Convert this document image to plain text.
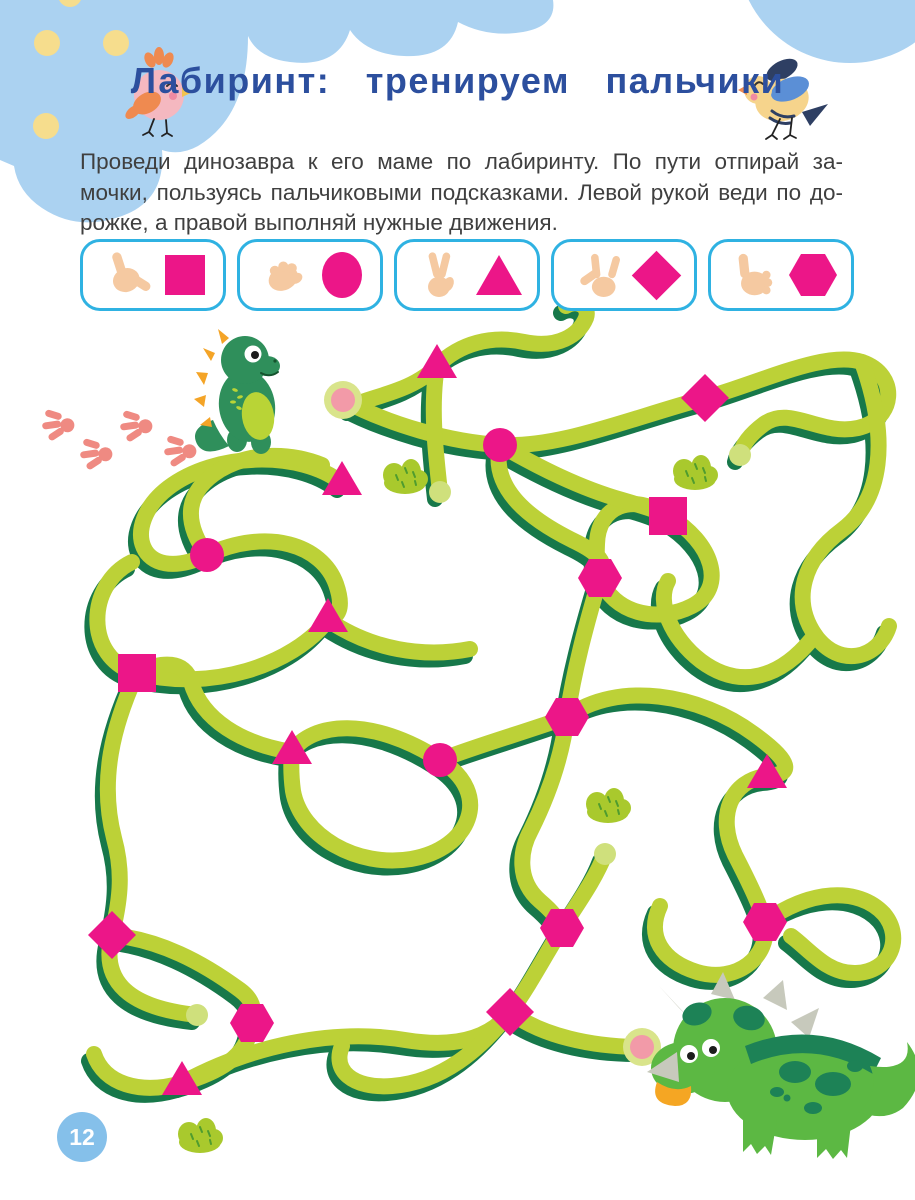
Лабиринт: тренируем пальчики
Проведи динозавра к его маме по лабиринту. По пути отпирай за-
мочки, пользуясь пальчиковыми подсказками. Левой рукой веди по до-
рожке, а правой выполняй нужные движения.
12
